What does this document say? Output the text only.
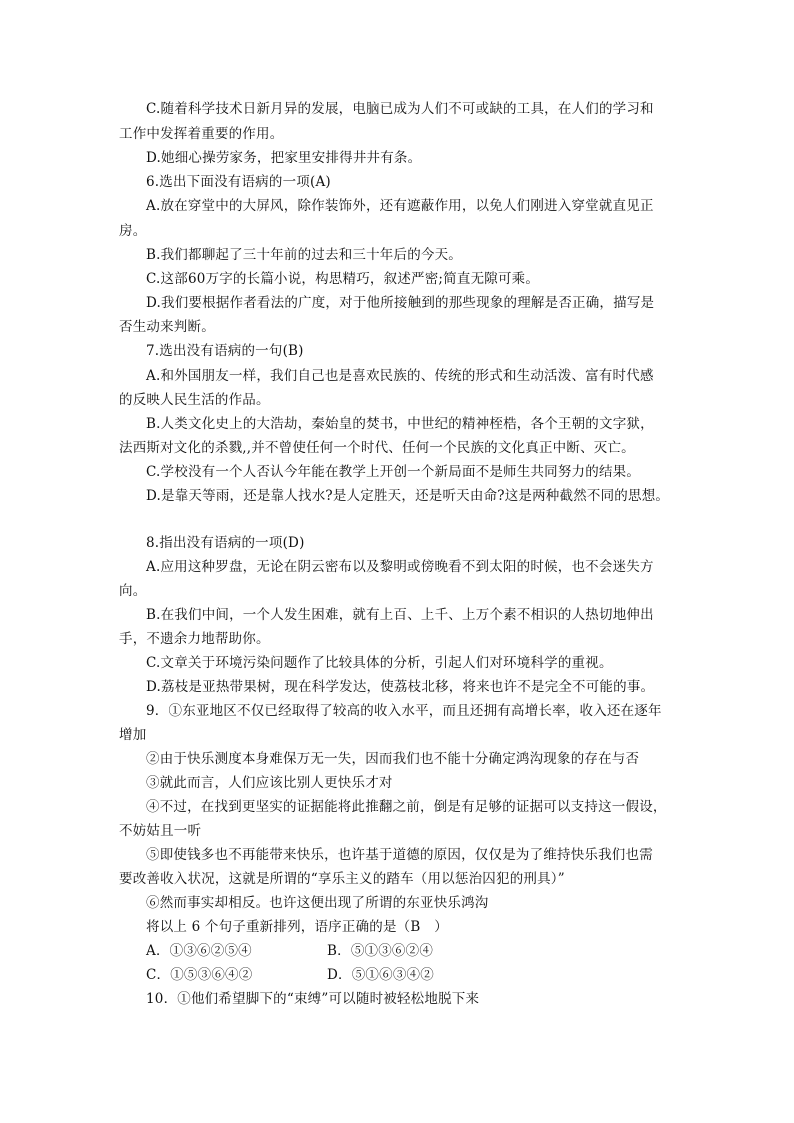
C.随着科学技术日新月异的发展，电脑已成为人们不可或缺的工具，在人们的学习和
工作中发挥着重要的作用。
D.她细心操劳家务，把家里安排得井井有条。
6.选出下面没有语病的一项(A)
A.放在穿堂中的大屏风，除作装饰外，还有遮蔽作用，以免人们刚进入穿堂就直见正
房。
B.我们都聊起了三十年前的过去和三十年后的今天。
C.这部60万字的长篇小说，构思精巧，叙述严密;简直无隙可乘。
D.我们要根据作者看法的广度，对于他所接触到的那些现象的理解是否正确，描写是
否生动来判断。
7.选出没有语病的一句(B)
A.和外国朋友一样，我们自己也是喜欢民族的、传统的形式和生动活泼、富有时代感
的反映人民生活的作品。
B.人类文化史上的大浩劫，秦始皇的焚书，中世纪的精神桎梏，各个王朝的文字狱，
法西斯对文化的杀戮,,并不曾使任何一个时代、任何一个民族的文化真正中断、灭亡。
C.学校没有一个人否认今年能在教学上开创一个新局面不是师生共同努力的结果。
D.是靠天等雨，还是靠人找水?是人定胜天，还是听天由命?这是两种截然不同的思想。
8.指出没有语病的一项(D)
A.应用这种罗盘，无论在阴云密布以及黎明或傍晚看不到太阳的时候，也不会迷失方
向。
B.在我们中间，一个人发生困难，就有上百、上千、上万个素不相识的人热切地伸出
手，不遗余力地帮助你。
C.文章关于环境污染问题作了比较具体的分析，引起人们对环境科学的重视。
D.荔枝是亚热带果树，现在科学发达，使荔枝北移，将来也许不是完全不可能的事。
9．①东亚地区不仅已经取得了较高的收入水平，而且还拥有高增长率，收入还在逐年
增加
②由于快乐测度本身难保万无一失，因而我们也不能十分确定鸿沟现象的存在与否
③就此而言，人们应该比别人更快乐才对
④不过，在找到更坚实的证据能将此推翻之前，倒是有足够的证据可以支持这一假设，
不妨姑且一听
⑤即使钱多也不再能带来快乐，也许基于道德的原因，仅仅是为了维持快乐我们也需
要改善收入状况，这就是所谓的“享乐主义的踏车（用以惩治囚犯的刑具）”
⑥然而事实却相反。也许这便出现了所谓的东亚快乐鸿沟
将以上 6 个句子重新排列，语序正确的是（B　）
A．①③⑥②⑤④	B．⑤①③⑥②④
C．①⑤③⑥④②	D．⑤①⑥③④②
10．①他们希望脚下的“束缚”可以随时被轻松地脱下来
